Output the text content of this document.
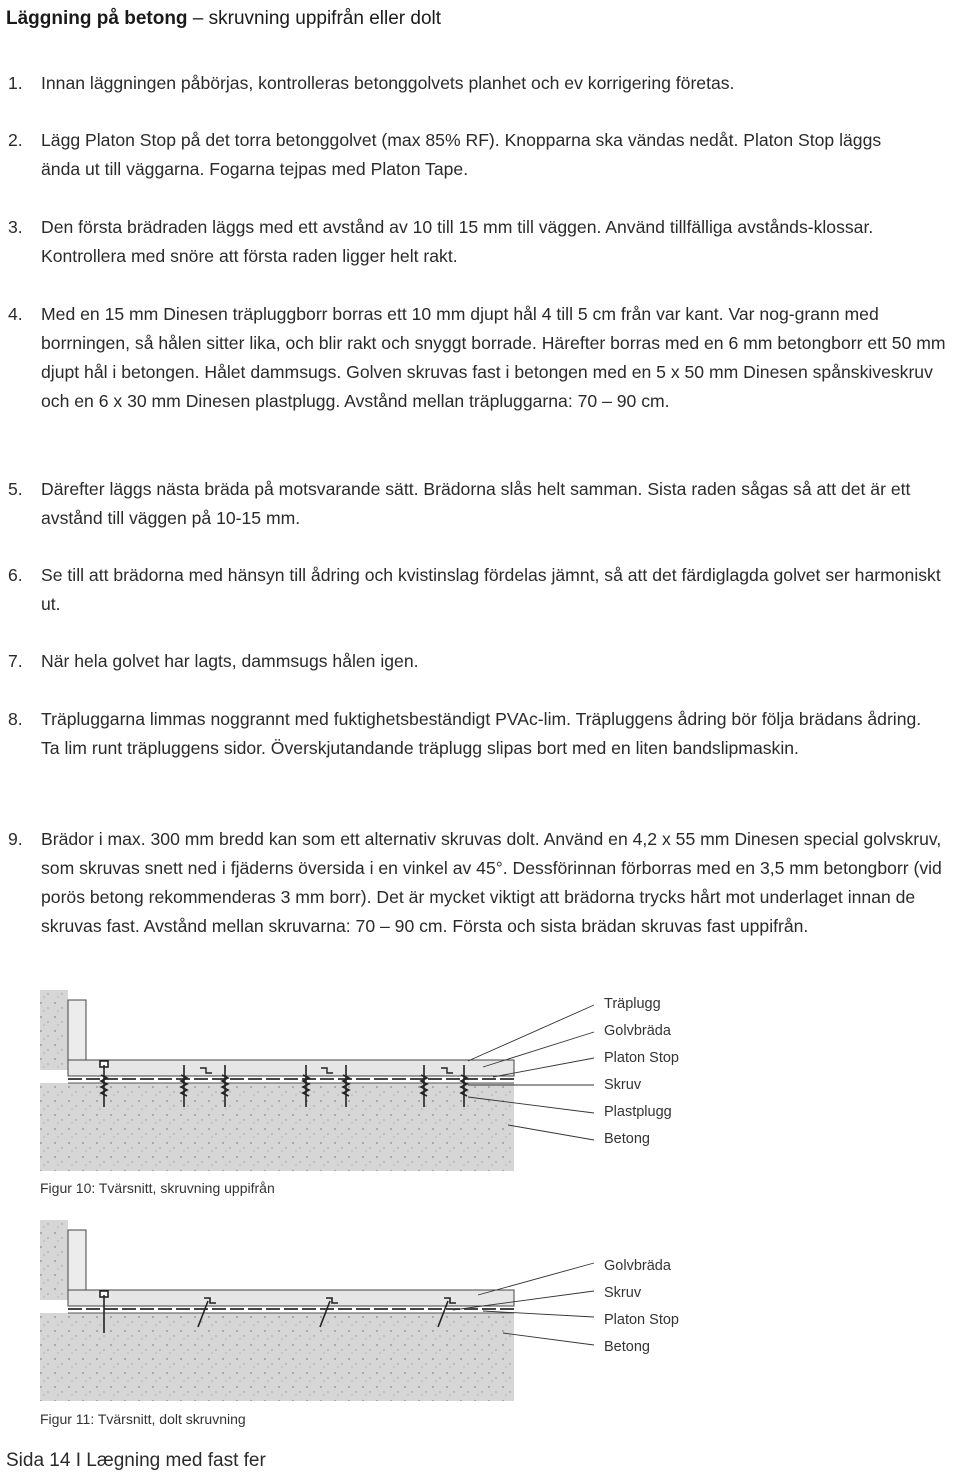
Läggning på betong – skruvning uppifrån eller dolt
1. Innan läggningen påbörjas, kontrolleras betonggolvets planhet och ev korrigering företas.
2. Lägg Platon Stop på det torra betonggolvet (max 85% RF). Knopparna ska vändas nedåt. Platon Stop läggs ända ut till väggarna. Fogarna tejpas med Platon Tape.
3. Den första brädraden läggs med ett avstånd av 10 till 15 mm till väggen. Använd tillfälliga avstånds-klossar. Kontrollera med snöre att första raden ligger helt rakt.
4. Med en 15 mm Dinesen träpluggborr borras ett 10 mm djupt hål 4 till 5 cm från var kant. Var nog-grann med borrningen, så hålen sitter lika, och blir rakt och snyggt borrade. Härefter borras med en 6 mm betongborr ett 50 mm djupt hål i betongen. Hålet dammsugs. Golven skruvas fast i betongen med en 5 x 50 mm Dinesen spånskiveskruv och en 6 x 30 mm Dinesen plastplugg. Avstånd mellan träpluggarna: 70 – 90 cm.
5. Därefter läggs nästa bräda på motsvarande sätt. Brädorna slås helt samman. Sista raden sågas så att det är ett avstånd till väggen på 10-15 mm.
6. Se till att brädorna med hänsyn till ådring och kvistinslag fördelas jämnt, så att det färdiglagda golvet ser harmoniskt ut.
7. När hela golvet har lagts, dammsugs hålen igen.
8. Träpluggarna limmas noggrannt med fuktighetsbeständigt PVAc-lim. Träpluggens ådring bör följa brädans ådring. Ta lim runt träpluggens sidor. Överskjutandande träplugg slipas bort med en liten bandslipmaskin.
9. Brädor i max. 300 mm bredd kan som ett alternativ skruvas dolt. Använd en 4,2 x 55 mm Dinesen special golvskruv, som skruvas snett ned i fjäderns översida i en vinkel av 45°. Dessförinnan förborras med en 3,5 mm betongborr (vid porös betong rekommenderas 3 mm borr). Det är mycket viktigt att brädorna trycks hårt mot underlaget innan de skruvas fast. Avstånd mellan skruvarna: 70 – 90 cm. Första och sista brädan skruvas fast uppifrån.
Träplugg
Golvbräda
Platon Stop
Skruv
Plastplugg
Betong
Figur 10: Tvärsnitt, skruvning uppifrån
Golvbräda
Skruv
Platon Stop
Betong
Figur 11: Tvärsnitt, dolt skruvning
Sida 14 I Lægning med fast fer
